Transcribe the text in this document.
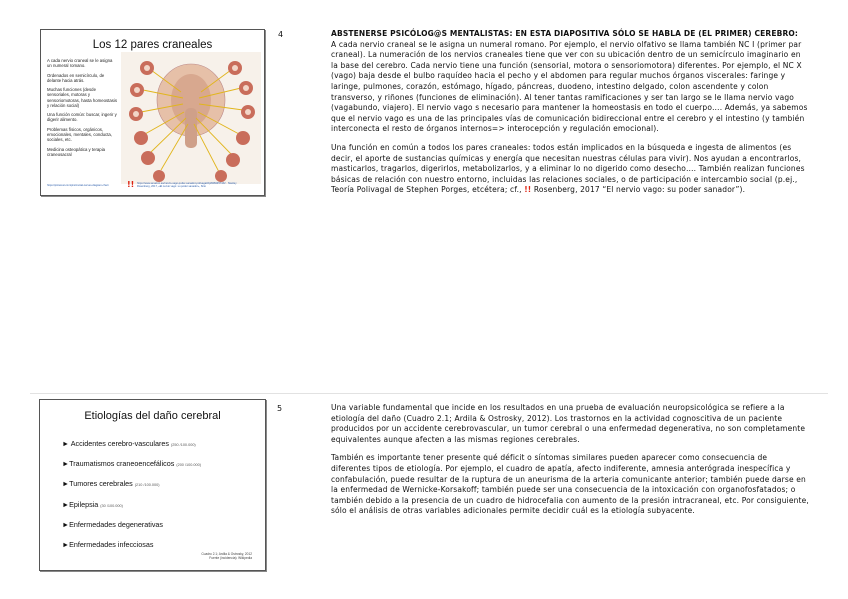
Los 12 pares craneales

A cada nervio craneal se le asigna un numeral romano.

Ordenados en semicírculo, de delante hacia atrás.

Muchas funciones (desde sensoriales, motoras y sensoriomotoras, hasta homeostasis y relación social)

Una función común: buscar, ingerir y digerir alimento.

Problemas físicos, orgánicos, emocionales, mentales, conducta, sociales, etc.

Medicina osteopática y terapia craneosacral

https://pinterest.com/pin/cranial-nerves-diagram-chart !! https://www.amazon.es/nervio-vago-poder-sanador-polivagal/dp/8484457162 · Stanley Rosenberg, 2017, «El nervio vago: su poder sanador», Sirio
4	ABSTENERSE PSICÓLOG@S MENTALISTAS: EN ESTA DIAPOSITIVA SÓLO SE HABLA DE (EL PRIMER) CEREBRO:

A cada nervio craneal se le asigna un numeral romano. Por ejemplo, el nervio olfativo se llama también NC I (primer par craneal). La numeración de los nervios craneales tiene que ver con su ubicación dentro de un semicírculo imaginario en la base del cerebro. Cada nervio tiene una función (sensorial, motora o sensoriomotora) diferentes. Por ejemplo, el NC X (vago) baja desde el bulbo raquídeo hacia el pecho y el abdomen para regular muchos órganos viscerales: faringe y laringe, pulmones, corazón, estómago, hígado, páncreas, duodeno, intestino delgado, colon ascendente y colon transverso, y riñones (funciones de eliminación). Al tener tantas ramificaciones y ser tan largo se le llama nervio vago (vagabundo, viajero). El nervio vago s necesario para mantener la homeostasis en todo el cuerpo…. Además, ya sabemos que el nervio vago es una de las principales vías de comunicación bidireccional entre el cerebro y el intestino (y también interconecta el resto de órganos internos=> interocepción y regulación emocional).

Una función en común a todos los pares craneales: todos están implicados en la búsqueda e ingesta de alimentos (es decir, el aporte de sustancias químicas y energía que necesitan nuestras células para vivir). Nos ayudan a encontrarlos, masticarlos, tragarlos, digerirlos, metabolizarlos, y a eliminar lo no digerido como desecho…. También realizan funciones básicas de relación con nuestro entorno, incluidas las relaciones sociales, o de participación e intercambio social (p.ej., Teoría Polivagal de Stephen Porges, etcétera; cf., !! Rosenberg, 2017 “El nervio vago: su poder sanador”).

Etiologías del daño cerebral
► Accidentes cerebro-vasculares (250 /100.000)
►Traumatismos craneoencefálicos (200 /100.000)
►Tumores cerebrales (210 /100.000)
►Epilepsia (30 /100.000)
►Enfermedades degenerativas
►Enfermedades infecciosas
Cuadro 2.1; Ardila & Ostrosky, 2012
Fuente (incidencia): Wikipedia
5	Una variable fundamental que incide en los resultados en una prueba de evaluación neuropsicológica se refiere a la etiología del daño (Cuadro 2.1; Ardila & Ostrosky, 2012). Los trastornos en la actividad cognoscitiva de un paciente producidos por un accidente cerebrovascular, un tumor cerebral o una enfermedad degenerativa, no son completamente equivalentes aunque afecten a las mismas regiones cerebrales.

También es importante tener presente qué déficit o síntomas similares pueden aparecer como consecuencia de diferentes tipos de etiología. Por ejemplo, el cuadro de apatía, afecto indiferente, amnesia anterógrada inespecífica y confabulación, puede resultar de la ruptura de un aneurisma de la arteria comunicante anterior; también puede darse en la enfermedad de Wernicke-Korsakoff; también puede ser una consecuencia de la intoxicación con organofosfatados; o también debido a la presencia de un cuadro de hidrocefalia con aumento de la presión intracraneal, etc. Por consiguiente, sólo el análisis de otras variables adicionales permite decidir cuál es la etiología subyacente.
